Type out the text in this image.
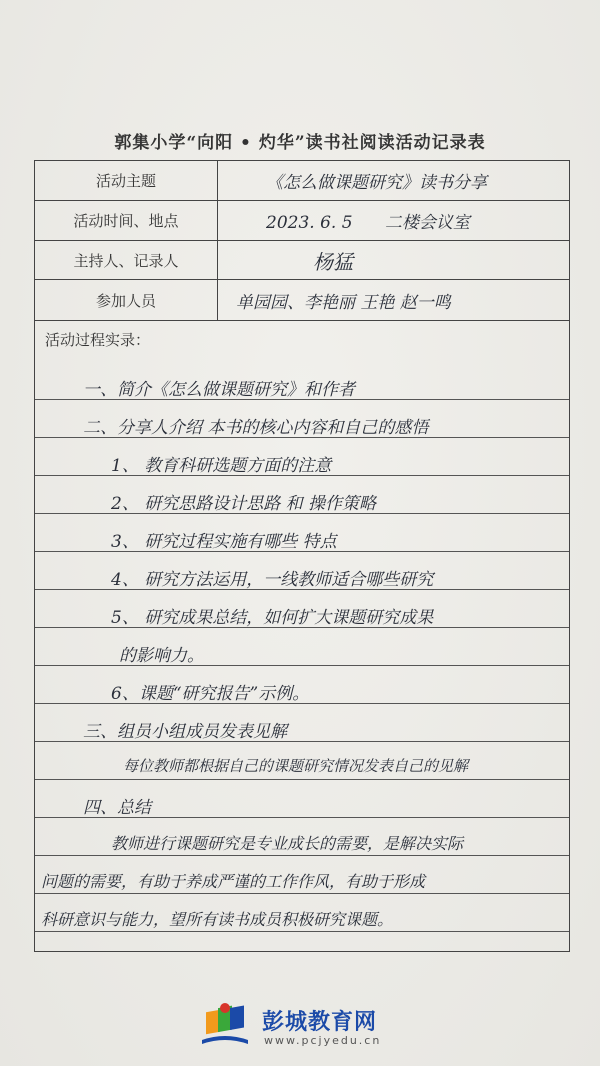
郭集小学“向阳 • 灼华”读书社阅读活动记录表
活动主题	《怎么做课题研究》读书分享
活动时间、地点	2023. 6. 5      二楼会议室
主持人、记录人	杨猛
参加人员	单园园、李艳丽 王艳 赵一鸣
活动过程实录：
一、简介《怎么做课题研究》和作者
二、分享人介绍 本书的核心内容和自己的感悟
1、 教育科研选题方面的注意
2、 研究思路设计思路 和 操作策略
3、 研究过程实施有哪些 特点
4、 研究方法运用，一线教师适合哪些研究
5、 研究成果总结，如何扩大课题研究成果
的影响力。
6、课题“研究报告”示例。
三、组员小组成员发表见解
每位教师都根据自己的课题研究情况发表自己的见解
四、总结
教师进行课题研究是专业成长的需要，是解决实际
问题的需要，有助于养成严谨的工作作风，有助于形成
科研意识与能力，望所有读书成员积极研究课题。
彭城教育网
www.pcjyedu.cn
